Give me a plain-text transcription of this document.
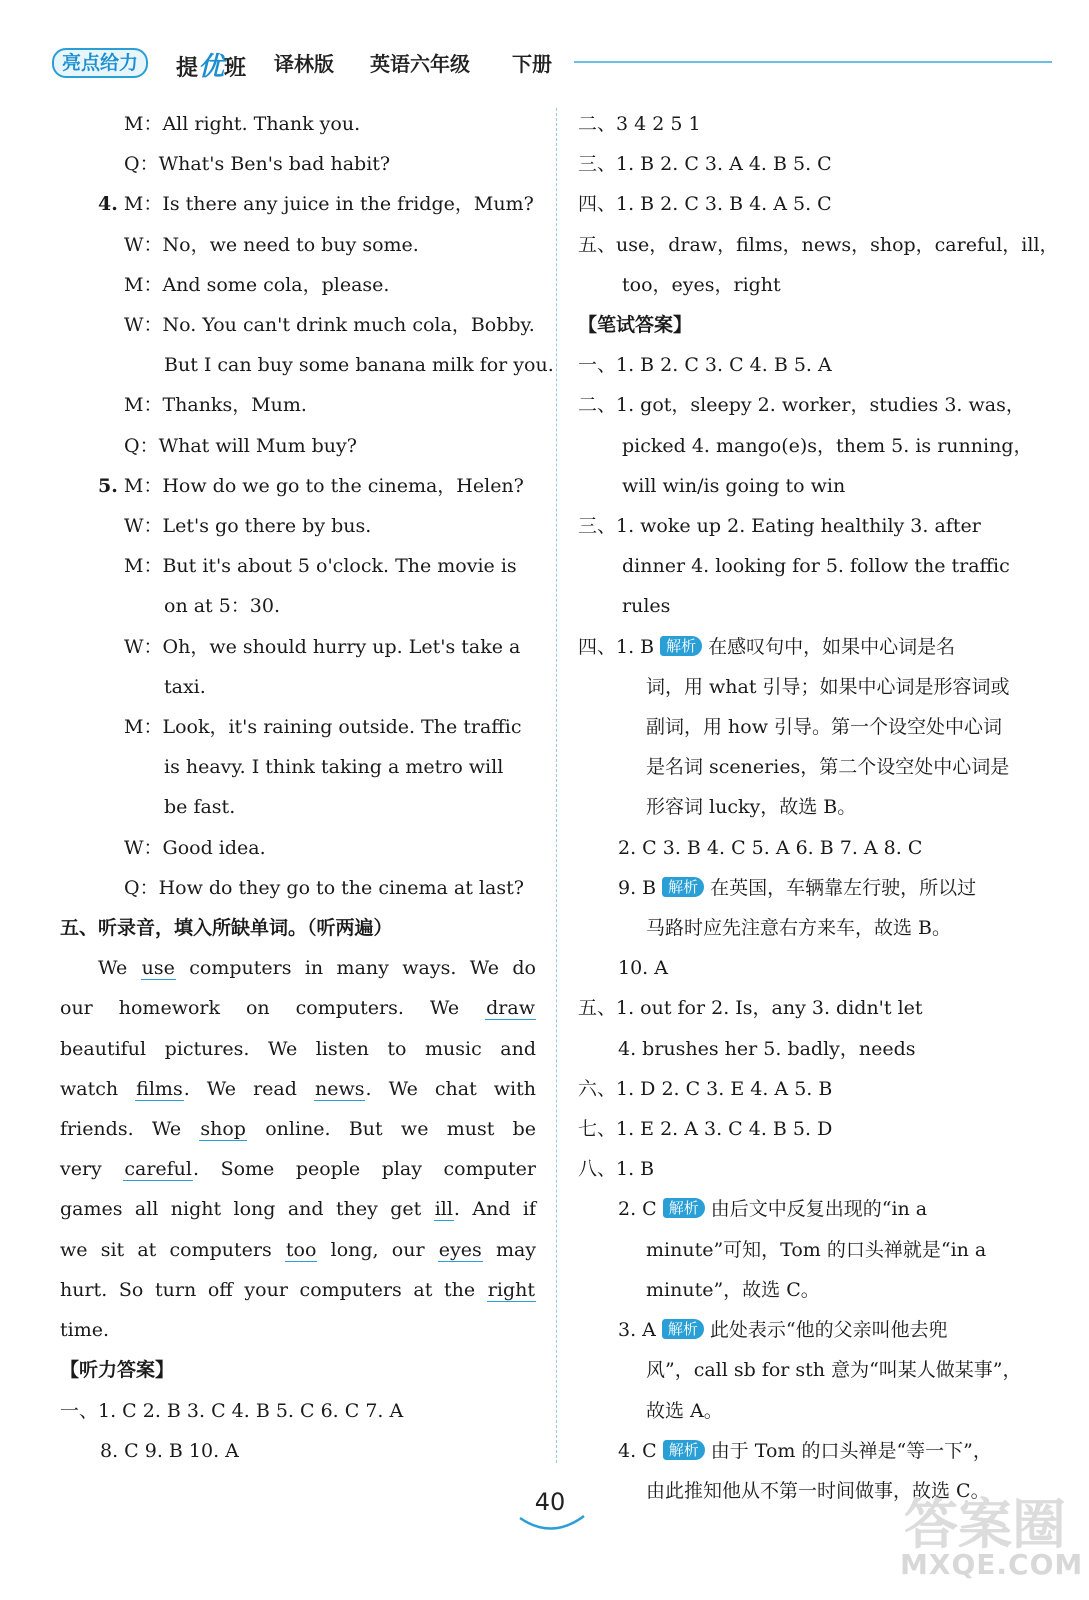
亮点给力	提优班 译林版 英语六年级 下册
M：All right. Thank you.
Q：What's Ben's bad habit?
4. M：Is there any juice in the fridge，Mum?
W：No，we need to buy some.
M：And some cola，please.
W：No. You can't drink much cola，Bobby.
But I can buy some banana milk for you.
M：Thanks，Mum.
Q：What will Mum buy?
5. M：How do we go to the cinema，Helen?
W：Let's go there by bus.
M：But it's about 5 o'clock. The movie is
on at 5：30.
W：Oh，we should hurry up. Let's take a
taxi.
M：Look，it's raining outside. The traffic
is heavy. I think taking a metro will
be fast.
W：Good idea.
Q：How do they go to the cinema at last?
五、听录音，填入所缺单词。（听两遍）
We use computers in many ways. We do
our homework on computers. We draw
beautiful pictures. We listen to music and
watch films. We read news. We chat with
friends. We shop online. But we must be
very careful. Some people play computer
games all night long and they get ill. And if
we sit at computers too long, our eyes may
hurt. So turn off your computers at the right
time.
【听力答案】
一、1. C 2. B 3. C 4. B 5. C 6. C 7. A
8. C 9. B 10. A
二、3 4 2 5 1
三、1. B 2. C 3. A 4. B 5. C
四、1. B 2. C 3. B 4. A 5. C
五、use，draw，films，news，shop，careful，ill，
too，eyes，right
【笔试答案】
一、1. B 2. C 3. C 4. B 5. A
二、1. got，sleepy 2. worker，studies 3. was，
picked 4. mango(e)s，them 5. is running，
will win/is going to win
三、1. woke up 2. Eating healthily 3. after
dinner 4. looking for 5. follow the traffic
rules
四、1. B 解析 在感叹句中，如果中心词是名
词，用 what 引导；如果中心词是形容词或
副词，用 how 引导。第一个设空处中心词
是名词 sceneries，第二个设空处中心词是
形容词 lucky，故选 B。
2. C 3. B 4. C 5. A 6. B 7. A 8. C
9. B 解析 在英国，车辆靠左行驶，所以过
马路时应先注意右方来车，故选 B。
10. A
五、1. out for 2. Is，any 3. didn't let
4. brushes her 5. badly，needs
六、1. D 2. C 3. E 4. A 5. B
七、1. E 2. A 3. C 4. B 5. D
八、1. B
2. C 解析 由后文中反复出现的“in a
minute”可知，Tom 的口头禅就是“in a
minute”，故选 C。
3. A 解析 此处表示“他的父亲叫他去兜
风”，call sb for sth 意为“叫某人做某事”，
故选 A。
4. C 解析 由于 Tom 的口头禅是“等一下”，
由此推知他从不第一时间做事，故选 C。
40	答案圈
MXQE.COM
